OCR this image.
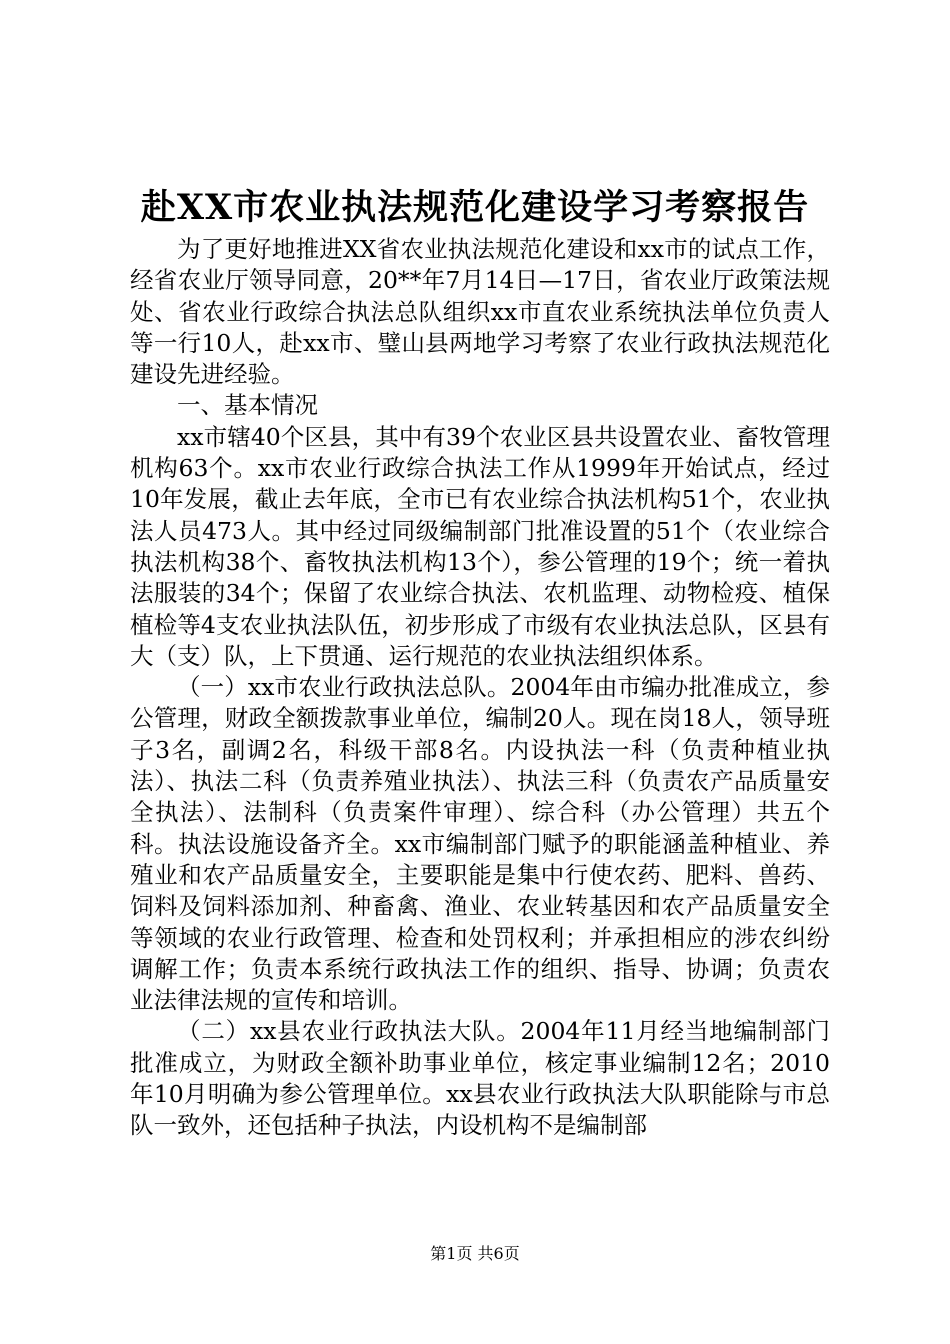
赴XX市农业执法规范化建设学习考察报告

为了更好地推进XX省农业执法规范化建设和xx市的试点工作，经省农业厅领导同意，20**年7月14日—17日，省农业厅政策法规处、省农业行政综合执法总队组织xx市直农业系统执法单位负责人等一行10人，赴xx市、璧山县两地学习考察了农业行政执法规范化建设先进经验。

一、基本情况

xx市辖40个区县，其中有39个农业区县共设置农业、畜牧管理机构63个。xx市农业行政综合执法工作从1999年开始试点，经过10年发展，截止去年底，全市已有农业综合执法机构51个，农业执法人员473人。其中经过同级编制部门批准设置的51个（农业综合执法机构38个、畜牧执法机构13个），参公管理的19个；统一着执法服装的34个；保留了农业综合执法、农机监理、动物检疫、植保植检等4支农业执法队伍，初步形成了市级有农业执法总队，区县有大（支）队，上下贯通、运行规范的农业执法组织体系。

（一）xx市农业行政执法总队。2004年由市编办批准成立，参公管理，财政全额拨款事业单位，编制20人。现在岗18人，领导班子3名，副调2名，科级干部8名。内设执法一科（负责种植业执法）、执法二科（负责养殖业执法）、执法三科（负责农产品质量安全执法）、法制科（负责案件审理）、综合科（办公管理）共五个科。执法设施设备齐全。xx市编制部门赋予的职能涵盖种植业、养殖业和农产品质量安全，主要职能是集中行使农药、肥料、兽药、饲料及饲料添加剂、种畜禽、渔业、农业转基因和农产品质量安全等领域的农业行政管理、检查和处罚权利；并承担相应的涉农纠纷调解工作；负责本系统行政执法工作的组织、指导、协调；负责农业法律法规的宣传和培训。

（二）xx县农业行政执法大队。2004年11月经当地编制部门批准成立，为财政全额补助事业单位，核定事业编制12名；2010年10月明确为参公管理单位。xx县农业行政执法大队职能除与市总队一致外，还包括种子执法，内设机构不是编制部

第1页 共6页
